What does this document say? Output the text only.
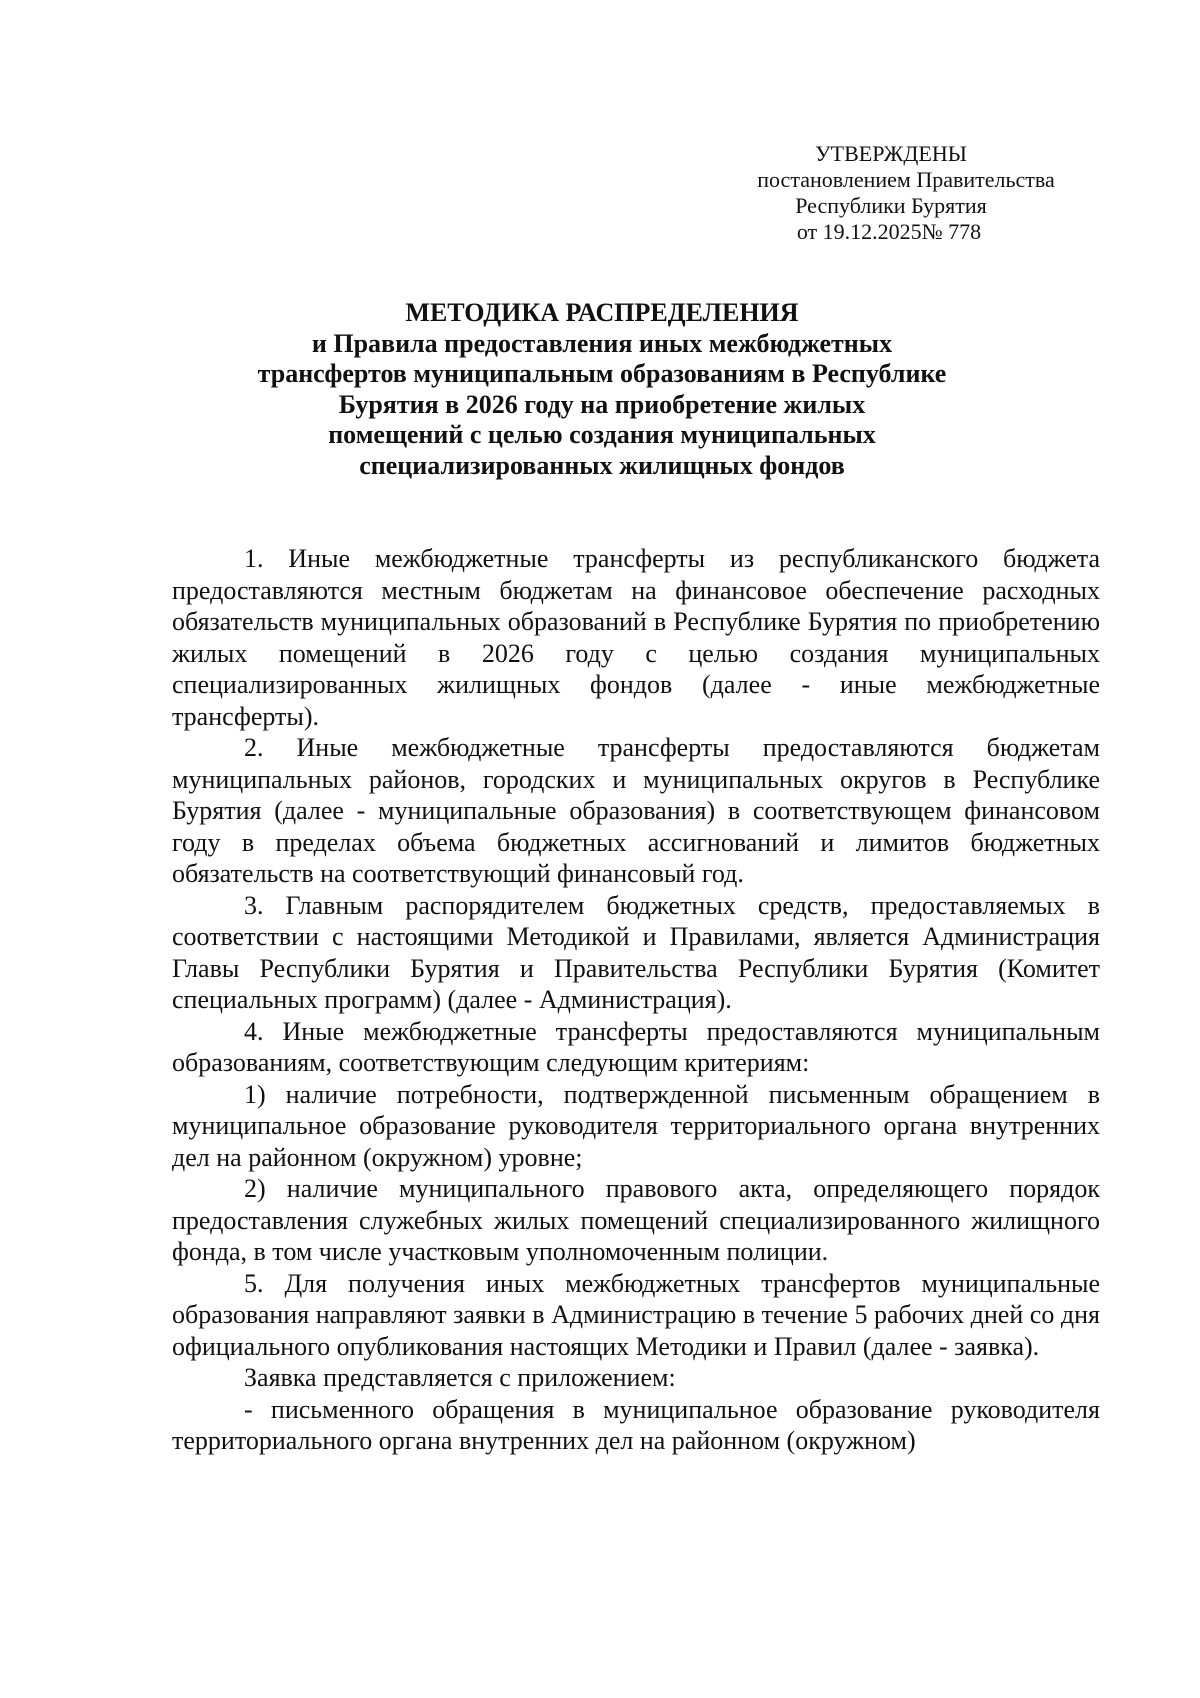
УТВЕРЖДЕНЫ
постановлением Правительства
Республики Бурятия
от 19.12.2025№ 778
МЕТОДИКА РАСПРЕДЕЛЕНИЯ
и Правила предоставления иных межбюджетных
трансфертов муниципальным образованиям в Республике
Бурятия в 2026 году на приобретение жилых
помещений с целью создания муниципальных
специализированных жилищных фондов

1. Иные межбюджетные трансферты из республиканского бюджета предоставляются местным бюджетам на финансовое обеспечение расходных обязательств муниципальных образований в Республике Бурятия по приобретению жилых помещений в 2026 году с целью создания муниципальных специализированных жилищных фондов (далее - иные межбюджетные трансферты).

2. Иные межбюджетные трансферты предоставляются бюджетам муниципальных районов, городских и муниципальных округов в Республике Бурятия (далее - муниципальные образования) в соответствующем финансовом году в пределах объема бюджетных ассигнований и лимитов бюджетных обязательств на соответствующий финансовый год.

3. Главным распорядителем бюджетных средств, предоставляемых в соответствии с настоящими Методикой и Правилами, является Администрация Главы Республики Бурятия и Правительства Республики Бурятия (Комитет специальных программ) (далее - Администрация).

4. Иные межбюджетные трансферты предоставляются муниципальным образованиям, соответствующим следующим критериям:

1) наличие потребности, подтвержденной письменным обращением в муниципальное образование руководителя территориального органа внутренних дел на районном (окружном) уровне;

2) наличие муниципального правового акта, определяющего порядок предоставления служебных жилых помещений специализированного жилищного фонда, в том числе участковым уполномоченным полиции.

5. Для получения иных межбюджетных трансфертов муниципальные образования направляют заявки в Администрацию в течение 5 рабочих дней со дня официального опубликования настоящих Методики и Правил (далее - заявка).

Заявка представляется с приложением:

- письменного обращения в муниципальное образование руководителя территориального органа внутренних дел на районном (окружном)
